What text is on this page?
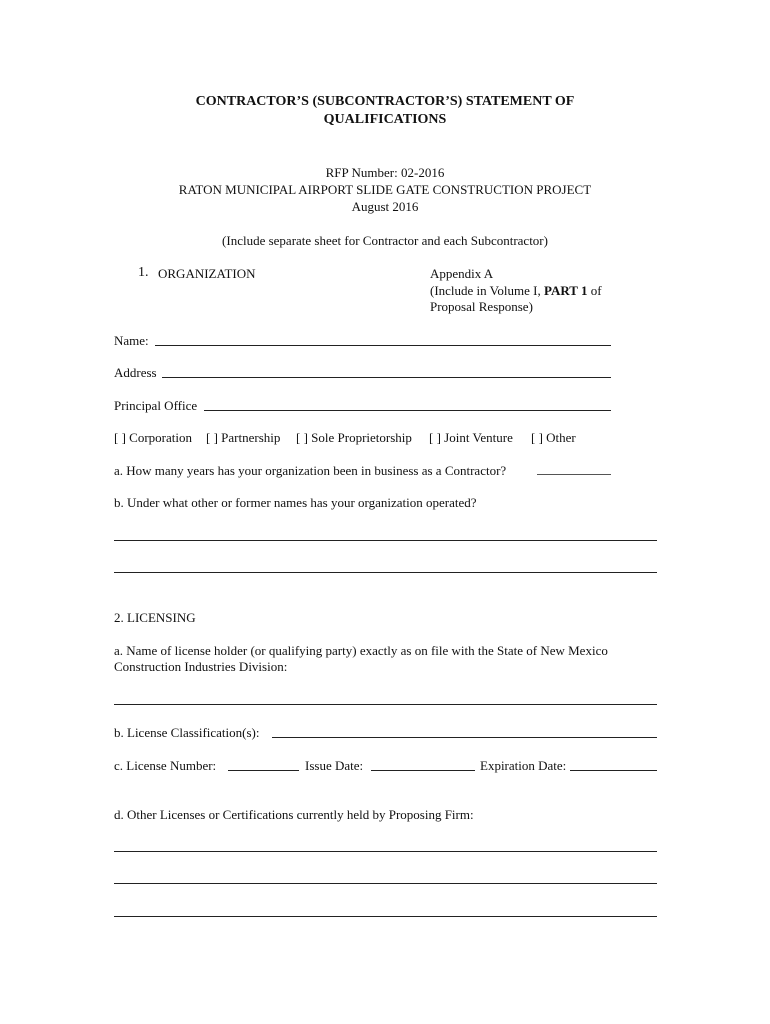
CONTRACTOR’S (SUBCONTRACTOR’S) STATEMENT OF
QUALIFICATIONS
RFP Number: 02-2016
RATON MUNICIPAL AIRPORT SLIDE GATE CONSTRUCTION PROJECT
August 2016
(Include separate sheet for Contractor and each Subcontractor)
1. ORGANIZATION	Appendix A
(Include in Volume I, PART 1 of
Proposal Response)
Name:
Address
Principal Office
[ ] Corporation [ ] Partnership [ ] Sole Proprietorship [ ] Joint Venture [ ] Other
a. How many years has your organization been in business as a Contractor?
b. Under what other or former names has your organization operated?
2. LICENSING
a. Name of license holder (or qualifying party) exactly as on file with the State of New Mexico
Construction Industries Division:
b. License Classification(s):
c. License Number:	Issue Date:	Expiration Date:
d. Other Licenses or Certifications currently held by Proposing Firm:
